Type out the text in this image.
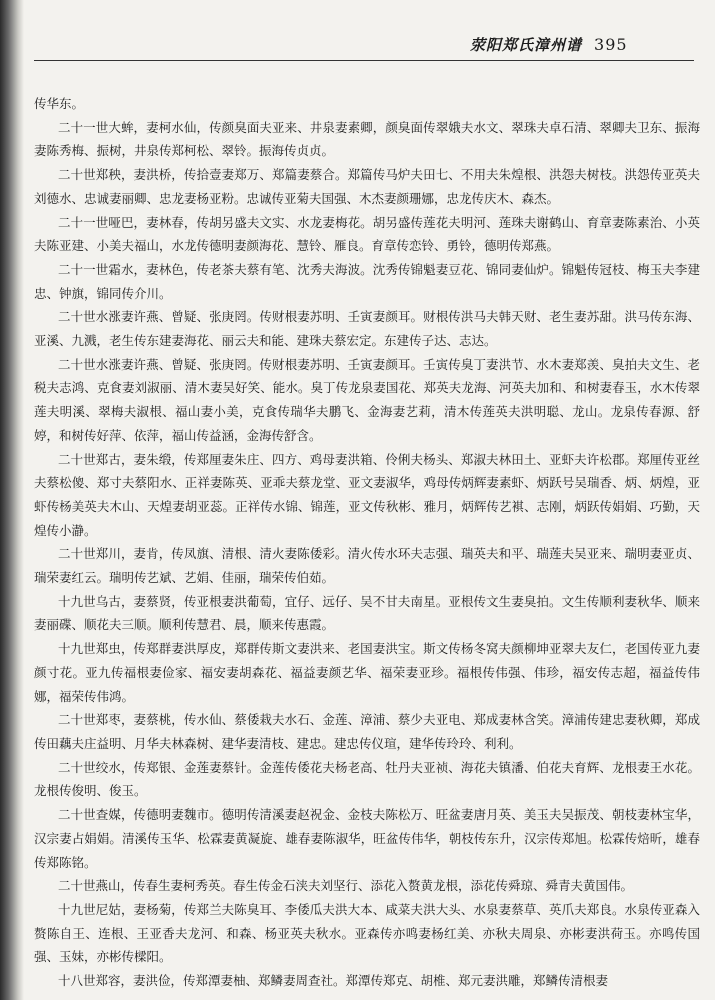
荥阳郑氏漳州谱 395

传华东。

二十一世大蛑，妻柯水仙，传颜臭面夫亚来、井泉妻素卿，颜臭面传翠娥夫水文、翠珠夫卓石清、翠卿夫卫东、振海妻陈秀梅、振树，井泉传郑柯松、翠铃。振海传贞贞。

二十世郑秧，妻洪桥，传拾壹妻郑万、郑篇妻蔡合。郑篇传马炉夫田七、不用夫朱煌根、洪怨夫树枝。洪怨传亚英夫刘德水、忠诚妻丽卿、忠龙妻杨亚粉。忠诚传亚菊夫国强、木杰妻颜珊娜，忠龙传庆木、森杰。

二十一世哑巴，妻林春，传胡另盛夫文实、水龙妻梅花。胡另盛传莲花夫明河、莲珠夫谢鹤山、育章妻陈素治、小英夫陈亚建、小美夫福山，水龙传德明妻颜海花、慧铃、雁良。育章传恋铃、勇铃，德明传郑燕。

二十一世霜水，妻林色，传老茶夫蔡有笔、沈秀夫海波。沈秀传锦魁妻豆花、锦同妻仙炉。锦魁传冠枝、梅玉夫李建忠、钟旗，锦同传介川。

二十世水涨妻许燕、曾疑、张庚罔。传财根妻苏明、壬寅妻颜耳。财根传洪马夫韩天财、老生妻苏甜。洪马传东海、亚溪、九溅，老生传东建妻海花、丽云夫和能、建珠夫蔡宏定。东建传子达、志达。

二十世水涨妻许燕、曾疑、张庚罔。传财根妻苏明、壬寅妻颜耳。壬寅传臭丁妻洪节、水木妻郑羡、臭拍夫文生、老税夫志鸿、克食妻刘淑丽、清木妻吴好笑、能水。臭丁传龙泉妻国花、郑英夫龙海、河英夫加和、和树妻春玉，水木传翠莲夫明溪、翠梅夫淑根、福山妻小美，克食传瑞华夫鹏飞、金海妻艺莉，清木传莲英夫洪明聪、龙山。龙泉传春源、舒婷，和树传好萍、依萍，福山传益涵，金海传舒含。

二十世郑古，妻朱缎，传郑厘妻朱庄、四方、鸡母妻洪箱、伶俐夫杨头、郑淑夫林田土、亚虾夫许松郡。郑厘传亚丝夫蔡松傻、郑寸夫蔡阳水、正祥妻陈英、亚乖夫蔡龙堂、亚文妻淑华，鸡母传炳辉妻素虾、炳跃号吴瑞香、炳、炳煌，亚虾传杨美英夫木山、天煌妻胡亚蕊。正祥传水锦、锦莲，亚文传秋彬、雅月，炳辉传艺褀、志刚，炳跃传娟娟、巧勤，天煌传小瀞。

二十世郑川，妻肯，传凤旗、清根、清火妻陈倭彩。清火传水环夫志强、瑞英夫和平、瑞莲夫吴亚来、瑞明妻亚贞、瑞荣妻红云。瑞明传艺斌、艺娟、佳丽，瑞荣传伯茹。

十九世乌古，妻蔡贤，传亚根妻洪葡萄，宜仔、远仔、吴不甘夫南星。亚根传文生妻臭拍。文生传顺利妻秋华、顺来妻丽碟、顺花夫三顺。顺利传慧君、晨，顺来传惠霞。

十九世郑虫，传郑群妻洪厚皮，郑群传斯文妻洪来、老国妻洪宝。斯文传杨冬窝夫颜柳坤亚翠夫友仁，老国传亚九妻颜寸花。亚九传福根妻俭家、福安妻胡森花、福益妻颜艺华、福荣妻亚珍。福根传伟强、伟珍，福安传志超，福益传伟娜，福荣传伟鸿。

二十世郑枣，妻蔡桃，传水仙、蔡倭栽夫水石、金莲、漳浦、蔡少夫亚电、郑成妻林含笑。漳浦传建忠妻秋卿，郑成传田藕夫庄益明、月华夫林森树、建华妻清枝、建忠。建忠传仪瑄，建华传玲玲、利利。

二十世绞水，传郑银、金莲妻蔡针。金莲传倭花夫杨老高、牡丹夫亚祯、海花夫镇潘、伯花夫育辉、龙根妻王水花。龙根传俊明、俊玉。

二十世查媒，传德明妻魏市。德明传清溪妻赵祝金、金枝夫陈松万、旺盆妻唐月英、美玉夫吴振茂、朝枝妻林宝华，汉宗妻占娟娟。清溪传玉华、松霖妻黄凝旋、雄春妻陈淑华，旺盆传伟华，朝枝传东升，汉宗传郑旭。松霖传焙昕，雄春传郑陈铭。

二十世燕山，传春生妻柯秀英。春生传金石浃夫刘坚行、添花入赘黄龙根，添花传舜琼、舜青夫黄国伟。

十九世尼姑，妻杨菊，传郑兰夫陈臭耳、李倭瓜夫洪大本、咸菜夫洪大头、水泉妻蔡草、英爪夫郑良。水泉传亚森入赘陈自王、连根、王亚香夫龙河、和森、杨亚英夫秋水。亚森传亦鸣妻杨红美、亦秋夫周泉、亦彬妻洪荷玉。亦鸣传国强、玉妹，亦彬传樑阳。

十八世郑容，妻洪俭，传郑潭妻柚、郑鳞妻周查社。郑潭传郑克、胡椎、郑元妻洪雕，郑鳞传清根妻
